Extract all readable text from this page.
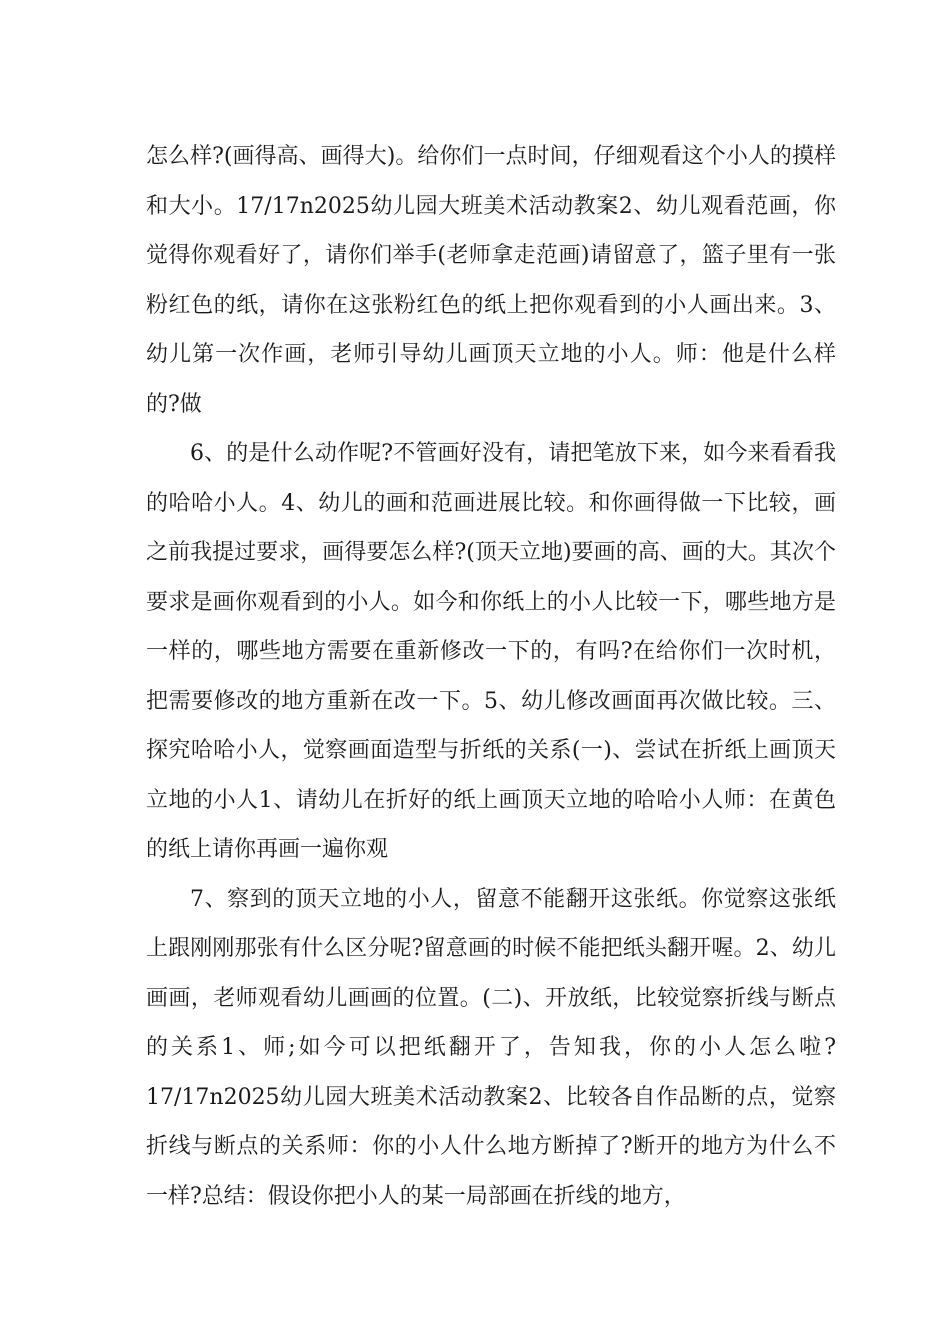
怎么样?(画得高、画得大)。给你们一点时间，仔细观看这个小人的摸样和大小。17/17n2025幼儿园大班美术活动教案2、幼儿观看范画，你觉得你观看好了，请你们举手(老师拿走范画)请留意了，篮子里有一张粉红色的纸，请你在这张粉红色的纸上把你观看到的小人画出来。3、幼儿第一次作画，老师引导幼儿画顶天立地的小人。师：他是什么样的?做

6、的是什么动作呢?不管画好没有，请把笔放下来，如今来看看我的哈哈小人。4、幼儿的画和范画进展比较。和你画得做一下比较，画之前我提过要求，画得要怎么样?(顶天立地)要画的高、画的大。其次个要求是画你观看到的小人。如今和你纸上的小人比较一下，哪些地方是一样的，哪些地方需要在重新修改一下的，有吗?在给你们一次时机，把需要修改的地方重新在改一下。5、幼儿修改画面再次做比较。三、探究哈哈小人，觉察画面造型与折纸的关系(一)、尝试在折纸上画顶天立地的小人1、请幼儿在折好的纸上画顶天立地的哈哈小人师：在黄色的纸上请你再画一遍你观

7、察到的顶天立地的小人，留意不能翻开这张纸。你觉察这张纸上跟刚刚那张有什么区分呢?留意画的时候不能把纸头翻开喔。2、幼儿画画，老师观看幼儿画画的位置。(二)、开放纸，比较觉察折线与断点的关系1、师;如今可以把纸翻开了，告知我，你的小人怎么啦?17/17n2025幼儿园大班美术活动教案2、比较各自作品断的点，觉察折线与断点的关系师：你的小人什么地方断掉了?断开的地方为什么不一样?总结：假设你把小人的某一局部画在折线的地方，
